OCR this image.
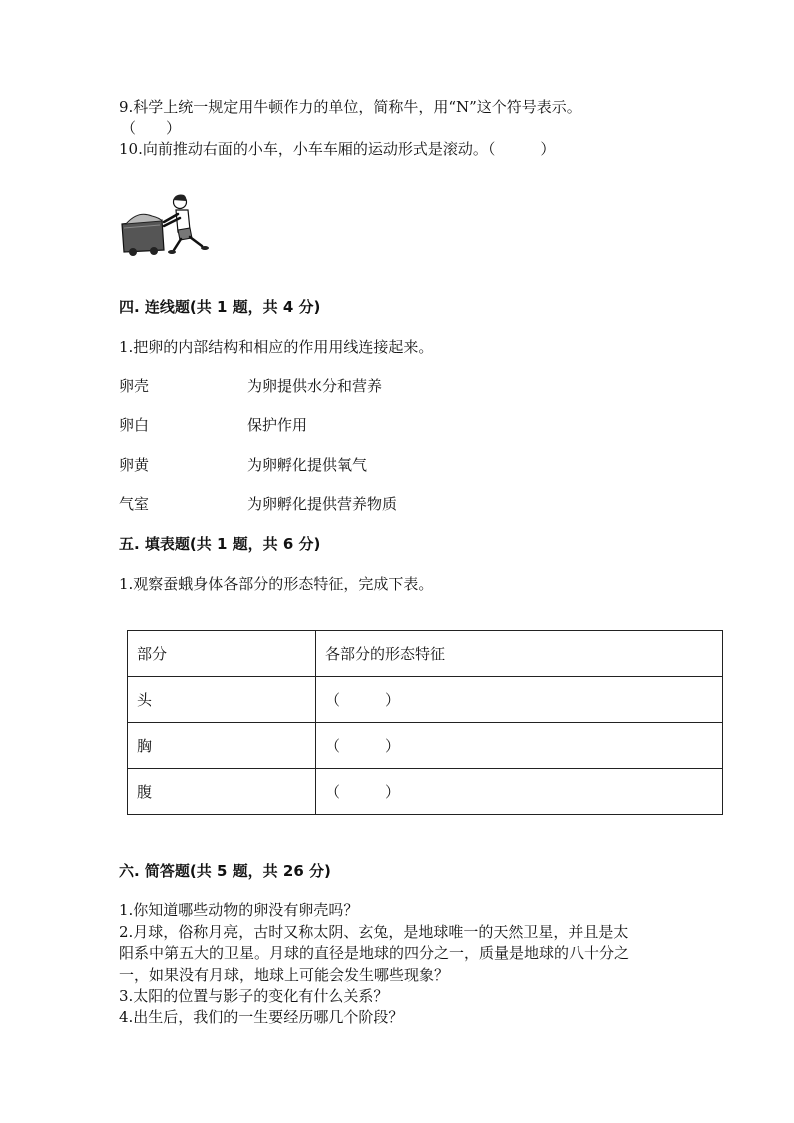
9.科学上统一规定用牛顿作力的单位，简称牛，用“N”这个符号表示。
（　　）
10.向前推动右面的小车，小车车厢的运动形式是滚动。（　　　）
四. 连线题(共 1 题，共 4 分)
1.把卵的内部结构和相应的作用用线连接起来。
卵壳	为卵提供水分和营养
卵白	保护作用
卵黄	为卵孵化提供氧气
气室	为卵孵化提供营养物质
五. 填表题(共 1 题，共 6 分)
1.观察蚕蛾身体各部分的形态特征，完成下表。
部分	各部分的形态特征
头	（　　　）
胸	（　　　）
腹	（　　　）
六. 简答题(共 5 题，共 26 分)
1.你知道哪些动物的卵没有卵壳吗？
2.月球，俗称月亮，古时又称太阴、玄兔，是地球唯一的天然卫星，并且是太
阳系中第五大的卫星。月球的直径是地球的四分之一，质量是地球的八十分之
一，如果没有月球，地球上可能会发生哪些现象？
3.太阳的位置与影子的变化有什么关系？
4.出生后，我们的一生要经历哪几个阶段？
